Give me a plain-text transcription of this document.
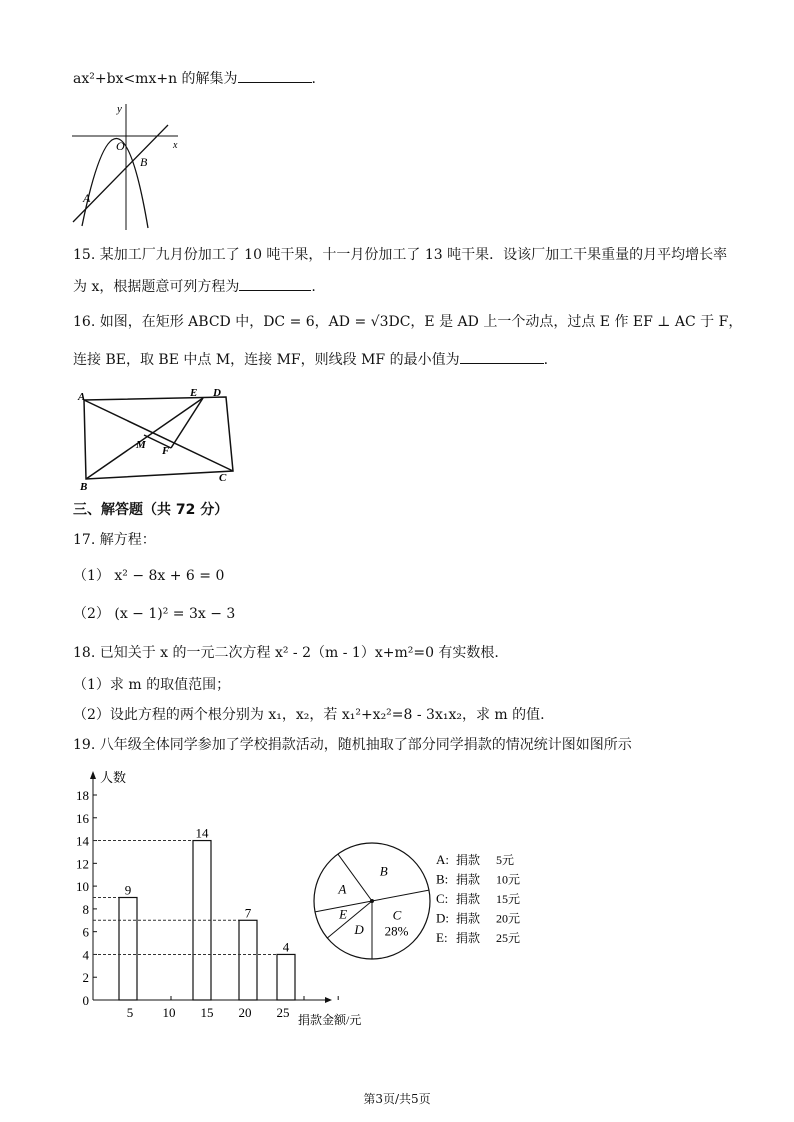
ax²+bx<mx+n 的解集为	.
y
x
O
B
A
15. 某加工厂九月份加工了 10 吨干果，十一月份加工了 13 吨干果．设该厂加工干果重量的月平均增长率
为 x，根据题意可列方程为	.
16. 如图，在矩形 ABCD 中，DC = 6，AD = √3DC，E 是 AD 上一个动点，过点 E 作 EF ⊥ AC 于 F，
连接 BE，取 BE 中点 M，连接 MF，则线段 MF 的最小值为	.
A	E D
M F
B
C
三、解答题（共 72 分）
17. 解方程：
（1） x² − 8x + 6 = 0
（2） (x − 1)² = 3x − 3
18. 已知关于 x 的一元二次方程 x² - 2（m - 1）x+m²=0 有实数根.
（1）求 m 的取值范围；
（2）设此方程的两个根分别为 x₁，x₂，若 x₁²+x₂²=8 - 3x₁x₂，求 m 的值.
19. 八年级全体同学参加了学校捐款活动，随机抽取了部分同学捐款的情况统计图如图所示
人数
捐款金额/元
0
2
4
6
8
10
12
14
16
18
5 10 15 20 25
9
14
7
4
D
E
A
B
C
28%
A: 捐款 5元
B: 捐款 10元
C: 捐款 15元
D: 捐款 20元
E: 捐款 25元
第3页/共5页
